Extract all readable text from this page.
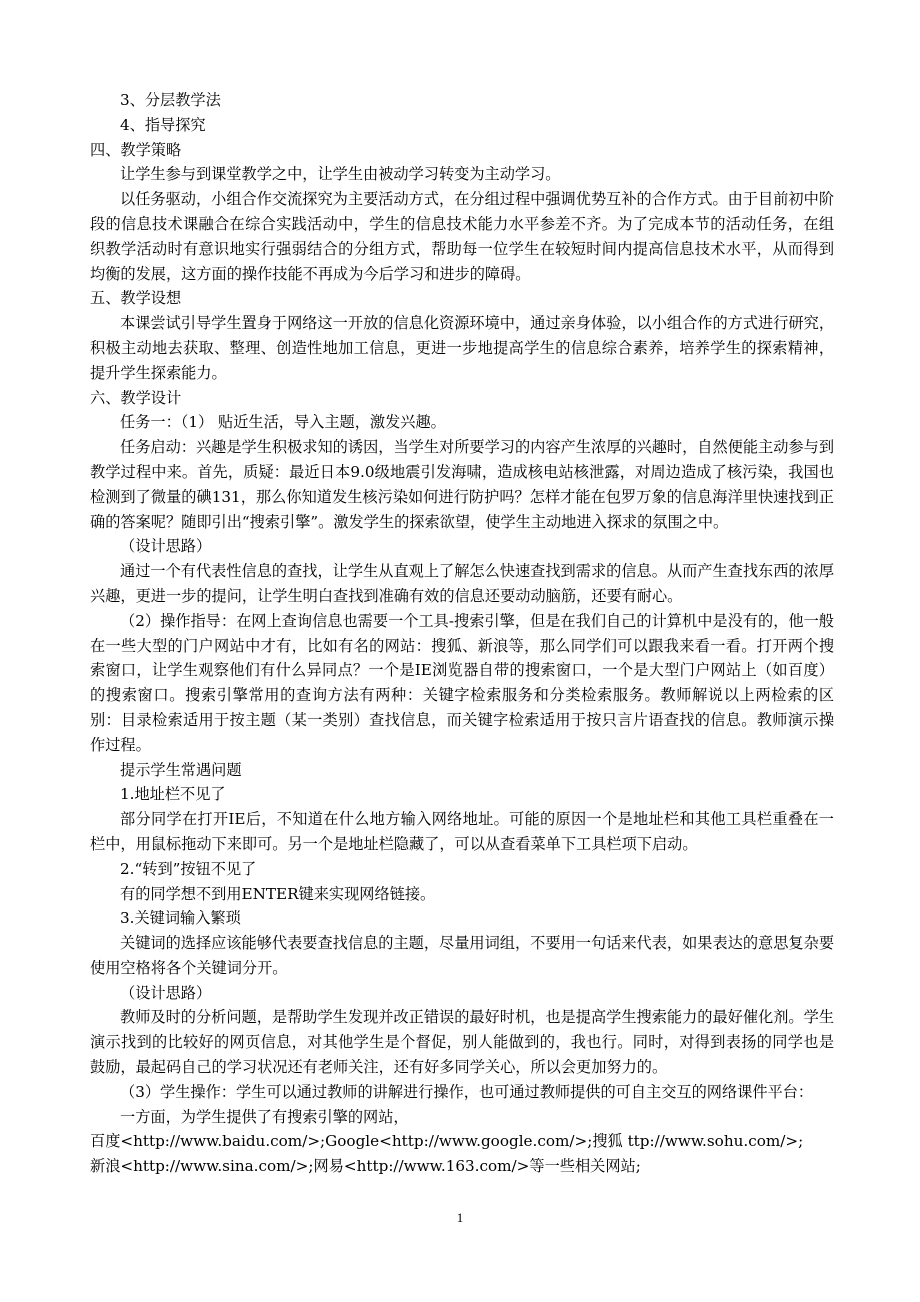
3、分层教学法

4、指导探究

四、教学策略

让学生参与到课堂教学之中，让学生由被动学习转变为主动学习。

以任务驱动，小组合作交流探究为主要活动方式，在分组过程中强调优势互补的合作方式。由于目前初中阶段的信息技术课融合在综合实践活动中，学生的信息技术能力水平参差不齐。为了完成本节的活动任务，在组织教学活动时有意识地实行强弱结合的分组方式，帮助每一位学生在较短时间内提高信息技术水平，从而得到均衡的发展，这方面的操作技能不再成为今后学习和进步的障碍。

五、教学设想

本课尝试引导学生置身于网络这一开放的信息化资源环境中，通过亲身体验，以小组合作的方式进行研究，积极主动地去获取、整理、创造性地加工信息，更进一步地提高学生的信息综合素养，培养学生的探索精神，提升学生探索能力。

六、教学设计

任务一：（1） 贴近生活，导入主题，激发兴趣。

任务启动：兴趣是学生积极求知的诱因，当学生对所要学习的内容产生浓厚的兴趣时，自然便能主动参与到教学过程中来。首先，质疑：最近日本9.0级地震引发海啸，造成核电站核泄露，对周边造成了核污染，我国也检测到了微量的碘131，那么你知道发生核污染如何进行防护吗？怎样才能在包罗万象的信息海洋里快速找到正确的答案呢？随即引出“搜索引擎”。激发学生的探索欲望，使学生主动地进入探求的氛围之中。

（设计思路）

通过一个有代表性信息的查找，让学生从直观上了解怎么快速查找到需求的信息。从而产生查找东西的浓厚兴趣，更进一步的提问，让学生明白查找到准确有效的信息还要动动脑筋，还要有耐心。

（2）操作指导：在网上查询信息也需要一个工具-搜索引擎，但是在我们自己的计算机中是没有的，他一般在一些大型的门户网站中才有，比如有名的网站：搜狐、新浪等，那么同学们可以跟我来看一看。打开两个搜索窗口，让学生观察他们有什么异同点？一个是IE浏览器自带的搜索窗口，一个是大型门户网站上（如百度）的搜索窗口。搜索引擎常用的查询方法有两种：关键字检索服务和分类检索服务。教师解说以上两检索的区别：目录检索适用于按主题（某一类别）查找信息，而关键字检索适用于按只言片语查找的信息。教师演示操作过程。

提示学生常遇问题

1.地址栏不见了

部分同学在打开IE后，不知道在什么地方输入网络地址。可能的原因一个是地址栏和其他工具栏重叠在一栏中，用鼠标拖动下来即可。另一个是地址栏隐藏了，可以从查看菜单下工具栏项下启动。

2.“转到”按钮不见了

有的同学想不到用ENTER键来实现网络链接。

3.关键词输入繁琐

关键词的选择应该能够代表要查找信息的主题，尽量用词组，不要用一句话来代表，如果表达的意思复杂要使用空格将各个关键词分开。

（设计思路）

教师及时的分析问题，是帮助学生发现并改正错误的最好时机，也是提高学生搜索能力的最好催化剂。学生演示找到的比较好的网页信息，对其他学生是个督促，别人能做到的，我也行。同时，对得到表扬的同学也是鼓励，最起码自己的学习状况还有老师关注，还有好多同学关心，所以会更加努力的。

（3）学生操作：学生可以通过教师的讲解进行操作，也可通过教师提供的可自主交互的网络课件平台：

一方面，为学生提供了有搜索引擎的网站，

百度<http://www.baidu.com/>;Google<http://www.google.com/>;搜狐 ttp://www.sohu.com/>;

新浪<http://www.sina.com/>;网易<http://www.163.com/>等一些相关网站;

1
